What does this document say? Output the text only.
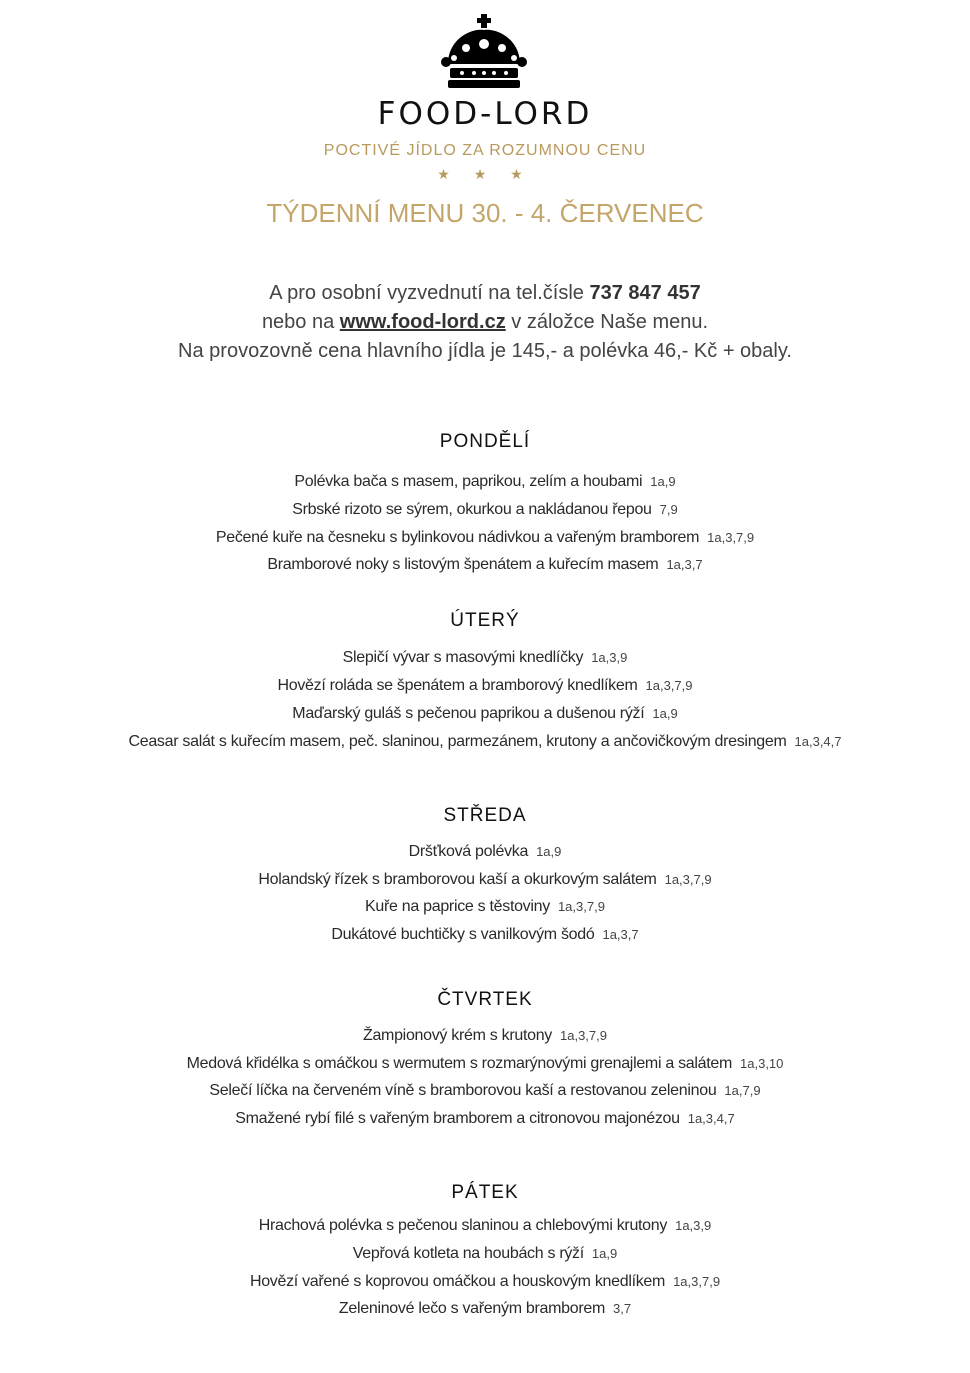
FOOD-LORD
POCTIVÉ JÍDLO ZA ROZUMNOU CENU
★ ★ ★
TÝDENNÍ MENU 30. - 4. ČERVENEC
A pro osobní vyzvednutí na tel.čísle 737 847 457
nebo na www.food-lord.cz v záložce Naše menu.
Na provozovně cena hlavního jídla je 145,- a polévka 46,- Kč + obaly.
PONDĚLÍ
Polévka bača s masem, paprikou, zelím a houbami 1a,9
Srbské rizoto se sýrem, okurkou a nakládanou řepou 7,9
Pečené kuře na česneku s bylinkovou nádivkou a vařeným bramborem 1a,3,7,9
Bramborové noky s listovým špenátem a kuřecím masem 1a,3,7
ÚTERÝ
Slepičí vývar s masovými knedlíčky 1a,3,9
Hovězí roláda se špenátem a bramborový knedlíkem 1a,3,7,9
Maďarský guláš s pečenou paprikou a dušenou rýží 1a,9
Ceasar salát s kuřecím masem, peč. slaninou, parmezánem, krutony a ančovičkovým dresingem 1a,3,4,7
STŘEDA
Dršťková polévka 1a,9
Holandský řízek s bramborovou kaší a okurkovým salátem 1a,3,7,9
Kuře na paprice s těstoviny 1a,3,7,9
Dukátové buchtičky s vanilkovým šodó 1a,3,7
ČTVRTEK
Žampionový krém s krutony 1a,3,7,9
Medová křidélka s omáčkou s wermutem s rozmarýnovými grenajlemi a salátem 1a,3,10
Selečí líčka na červeném víně s bramborovou kaší a restovanou zeleninou 1a,7,9
Smažené rybí filé s vařeným bramborem a citronovou majonézou 1a,3,4,7
PÁTEK
Hrachová polévka s pečenou slaninou a chlebovými krutony 1a,3,9
Vepřová kotleta na houbách s rýží 1a,9
Hovězí vařené s koprovou omáčkou a houskovým knedlíkem 1a,3,7,9
Zeleninové lečo s vařeným bramborem 3,7
